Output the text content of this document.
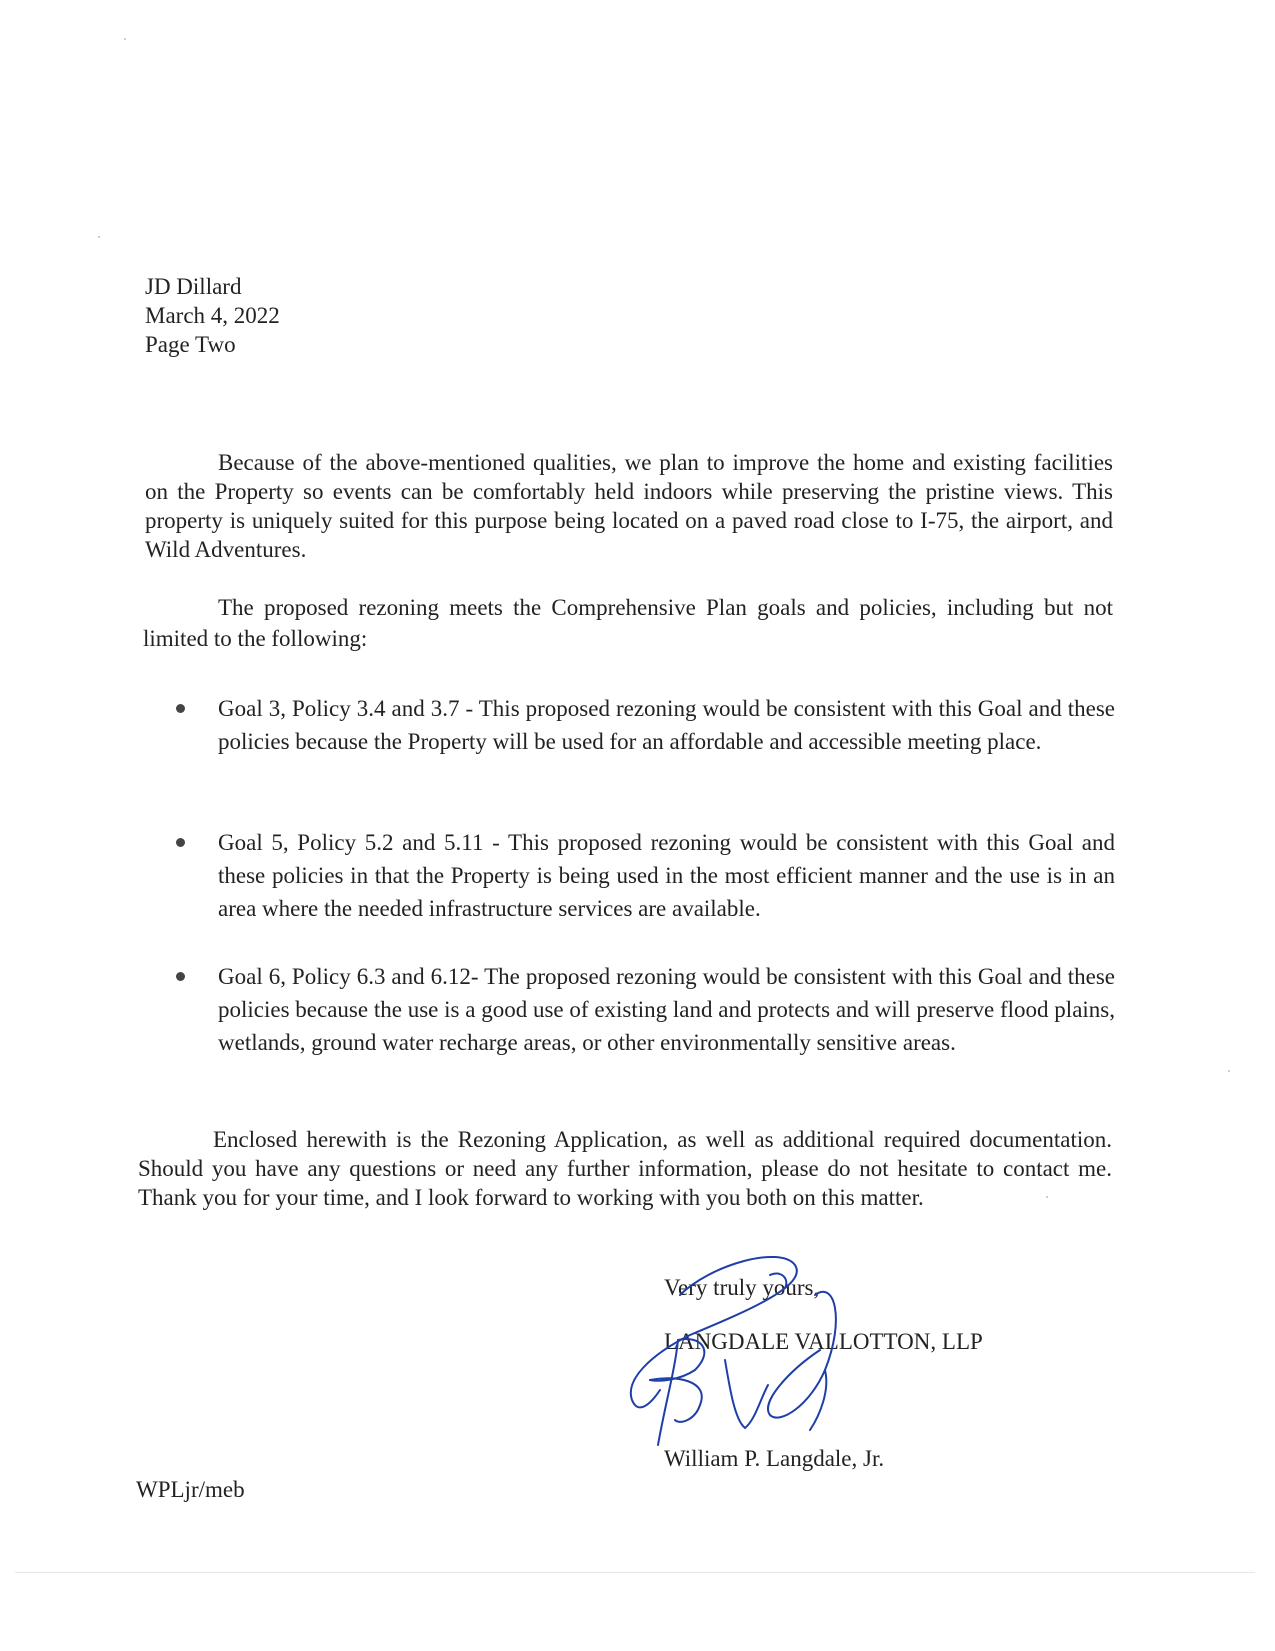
JD Dillard
March 4, 2022
Page Two
Because of the above-mentioned qualities, we plan to improve the home and existing facilities on the Property so events can be comfortably held indoors while preserving the pristine views. This property is uniquely suited for this purpose being located on a paved road close to I-75, the airport, and Wild Adventures.
The proposed rezoning meets the Comprehensive Plan goals and policies, including but not limited to the following:
Goal 3, Policy 3.4 and 3.7 - This proposed rezoning would be consistent with this Goal and these policies because the Property will be used for an affordable and accessible meeting place.
Goal 5, Policy 5.2 and 5.11 - This proposed rezoning would be consistent with this Goal and these policies in that the Property is being used in the most efficient manner and the use is in an area where the needed infrastructure services are available.
Goal 6, Policy 6.3 and 6.12- The proposed rezoning would be consistent with this Goal and these policies because the use is a good use of existing land and protects and will preserve flood plains, wetlands, ground water recharge areas, or other environmentally sensitive areas.
Enclosed herewith is the Rezoning Application, as well as additional required documentation. Should you have any questions or need any further information, please do not hesitate to contact me. Thank you for your time, and I look forward to working with you both on this matter.
Very truly yours,
LANGDALE VALLOTTON, LLP
William P. Langdale, Jr.
WPLjr/meb
